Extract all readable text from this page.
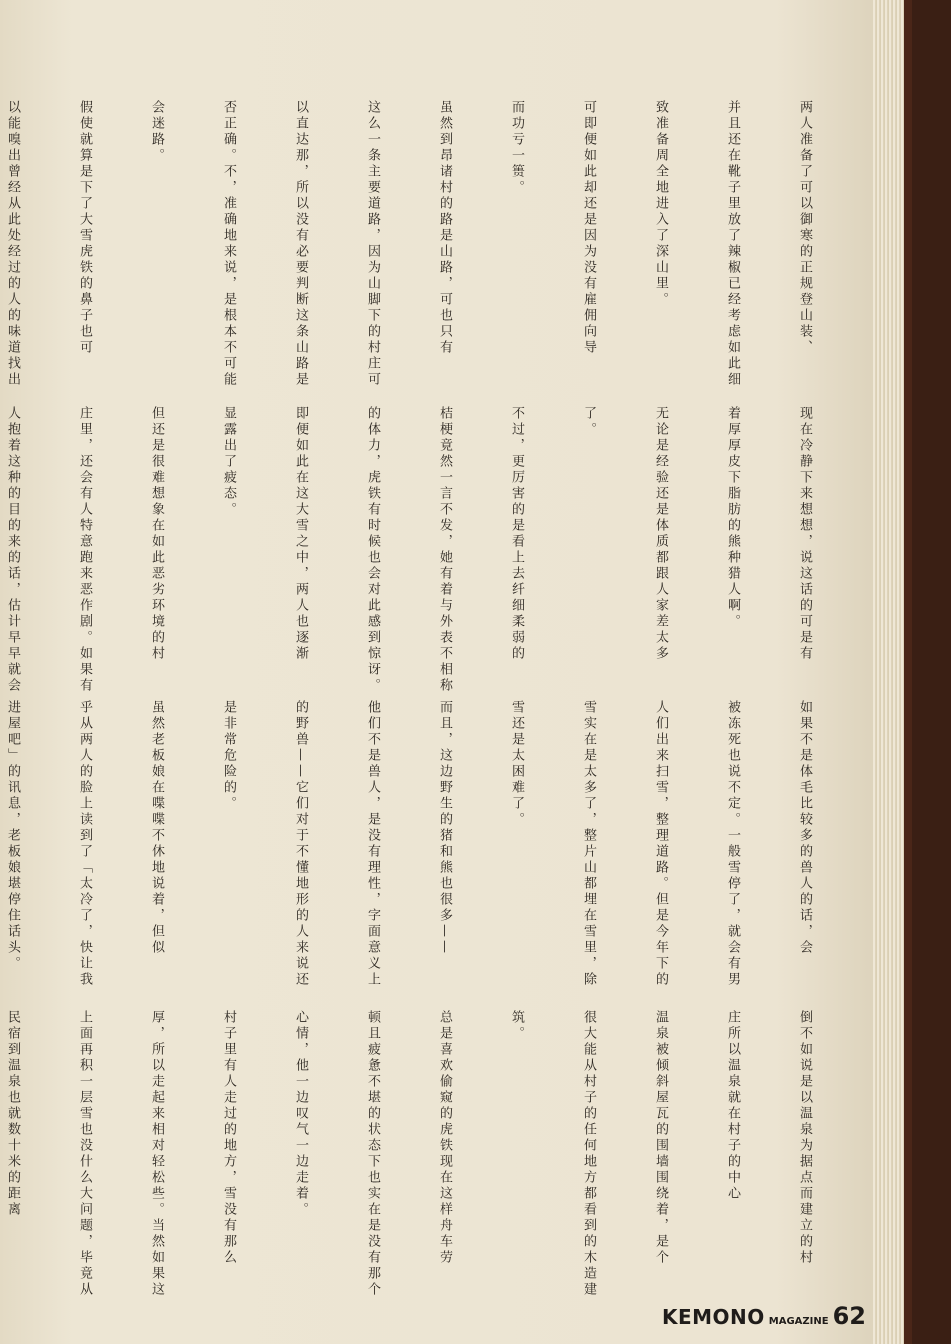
两人准备了可以御寒的正规登山装、

并且还在靴子里放了辣椒已经考虑如此细

致准备周全地进入了深山里。

可即便如此却还是因为没有雇佣向导

而功亏一篑。

虽然到昂诸村的路是山路，可也只有

这么一条主要道路，因为山脚下的村庄可

以直达那，所以没有必要判断这条山路是

否正确。不，准确地来说，是根本不可能

会迷路。

假使就算是下了大雪虎铁的鼻子也可

以能嗅出曾经从此处经过的人的味道找出

现在冷静下来想想，说这话的可是有

着厚厚皮下脂肪的熊种猎人啊。

无论是经验还是体质都跟人家差太多

了。

不过，更厉害的是看上去纤细柔弱的

桔梗竟然一言不发，她有着与外表不相称

的体力，虎铁有时候也会对此感到惊讶。

即便如此在这大雪之中，两人也逐渐

显露出了疲态。

但还是很难想象在如此恶劣环境的村

庄里，还会有人特意跑来恶作剧。如果有

人抱着这种的目的来的话，估计早早就会

如果不是体毛比较多的兽人的话，会

被冻死也说不定。一般雪停了，就会有男

人们出来扫雪，整理道路。但是今年下的

雪实在是太多了，整片山都埋在雪里，除

雪还是太困难了。

而且，这边野生的猪和熊也很多——

他们不是兽人，是没有理性，字面意义上

的野兽——它们对于不懂地形的人来说还

是非常危险的。

虽然老板娘在喋喋不休地说着，但似

乎从两人的脸上读到了「太冷了，快让我

进屋吧」的讯息，老板娘堪停住话头。

倒不如说是以温泉为据点而建立的村

庄所以温泉就在村子的中心

温泉被倾斜屋瓦的围墙围绕着，是个

很大能从村子的任何地方都看到的木造建

筑。

总是喜欢偷窥的虎铁现在这样舟车劳

顿且疲惫不堪的状态下也实在是没有那个

心情，他一边叹气一边走着。

村子里有人走过的地方，雪没有那么

厚，所以走起来相对轻松些。当然如果这

上面再积一层雪也没什么大问题，毕竟从

民宿到温泉也就数十米的距离

KEMONO MAGAZINE 62
